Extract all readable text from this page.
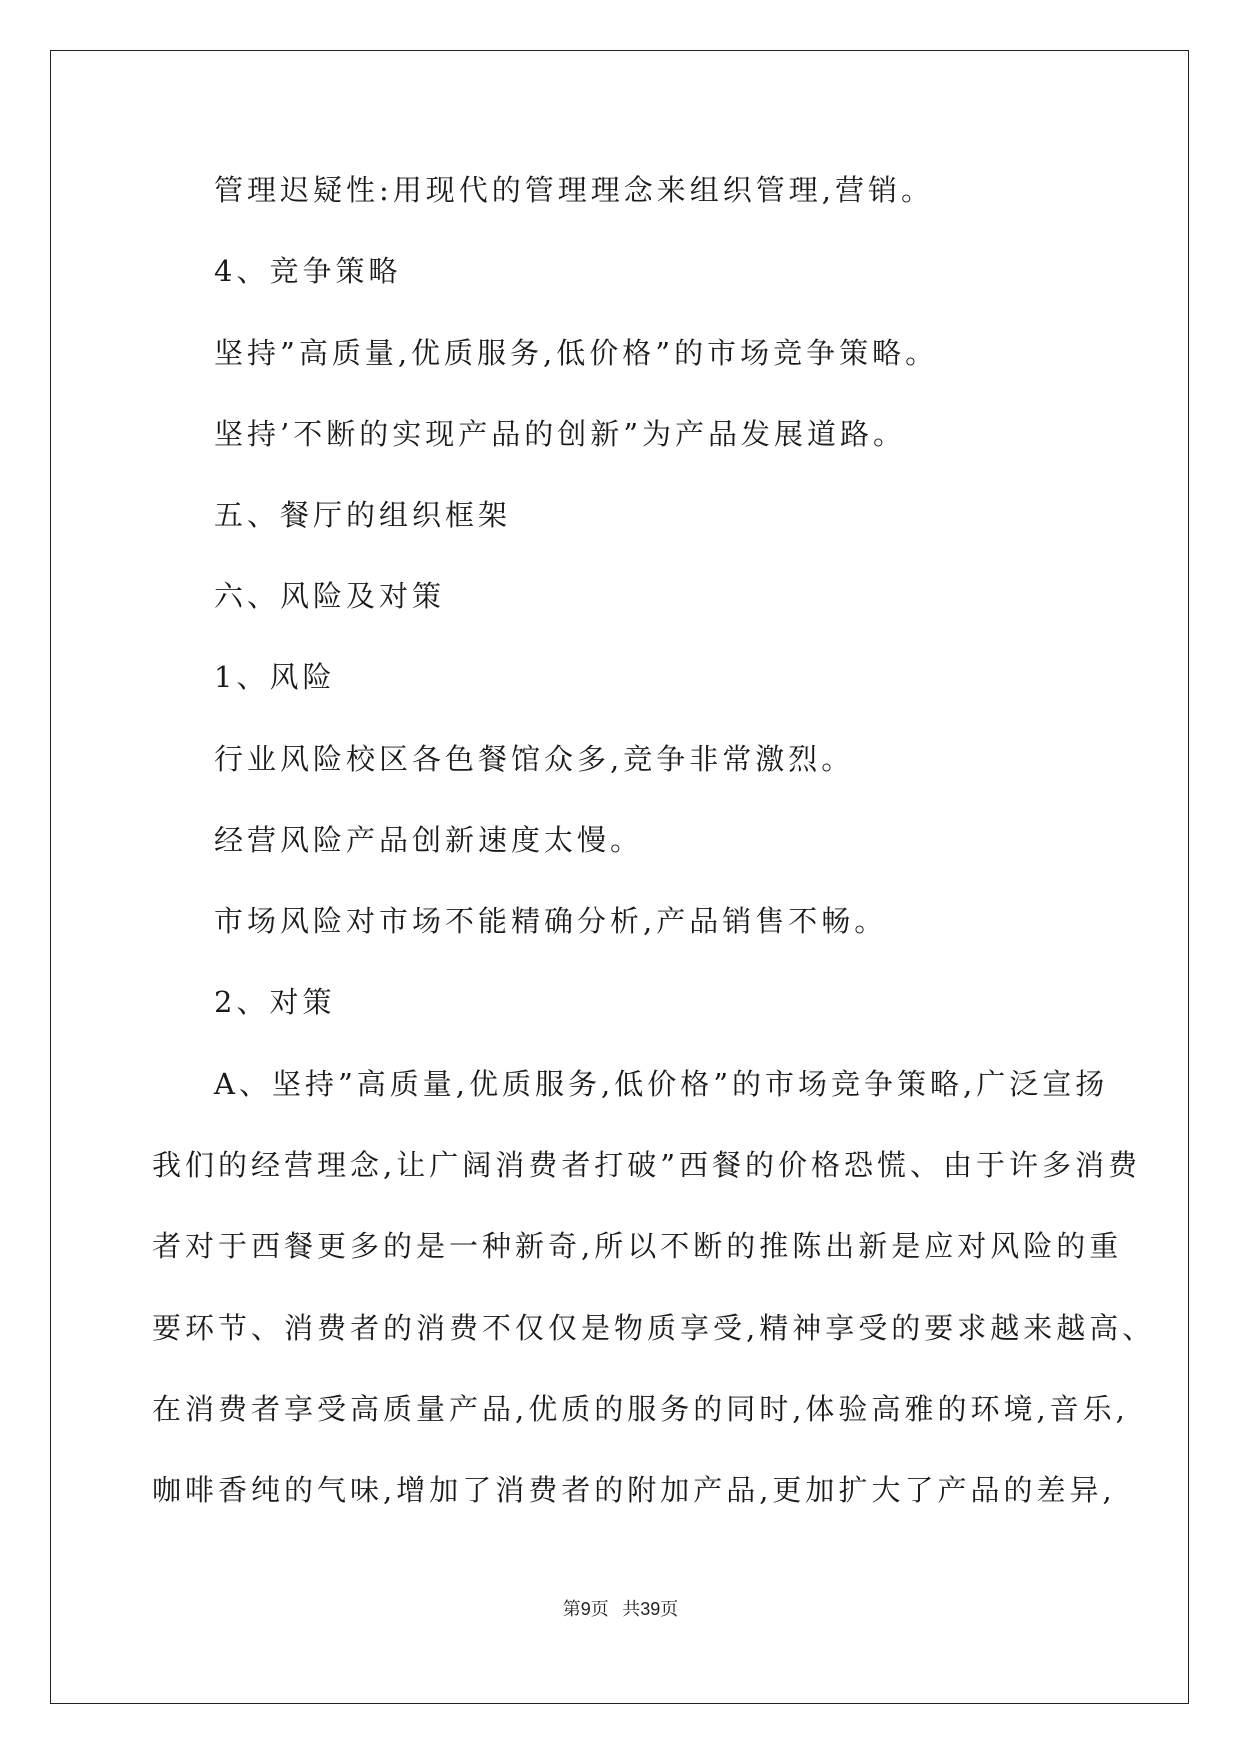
管理迟疑性:用现代的管理理念来组织管理,营销。
4、竞争策略
坚持”高质量,优质服务,低价格”的市场竞争策略。
坚持’不断的实现产品的创新”为产品发展道路。
五、餐厅的组织框架
六、风险及对策
1、风险
行业风险校区各色餐馆众多,竞争非常激烈。
经营风险产品创新速度太慢。
市场风险对市场不能精确分析,产品销售不畅。
2、对策
A、坚持”高质量,优质服务,低价格”的市场竞争策略,广泛宣扬
我们的经营理念,让广阔消费者打破”西餐的价格恐慌、由于许多消费
者对于西餐更多的是一种新奇,所以不断的推陈出新是应对风险的重
要环节、消费者的消费不仅仅是物质享受,精神享受的要求越来越高、
在消费者享受高质量产品,优质的服务的同时,体验高雅的环境,音乐,
咖啡香纯的气味,增加了消费者的附加产品,更加扩大了产品的差异,
第9页 共39页
